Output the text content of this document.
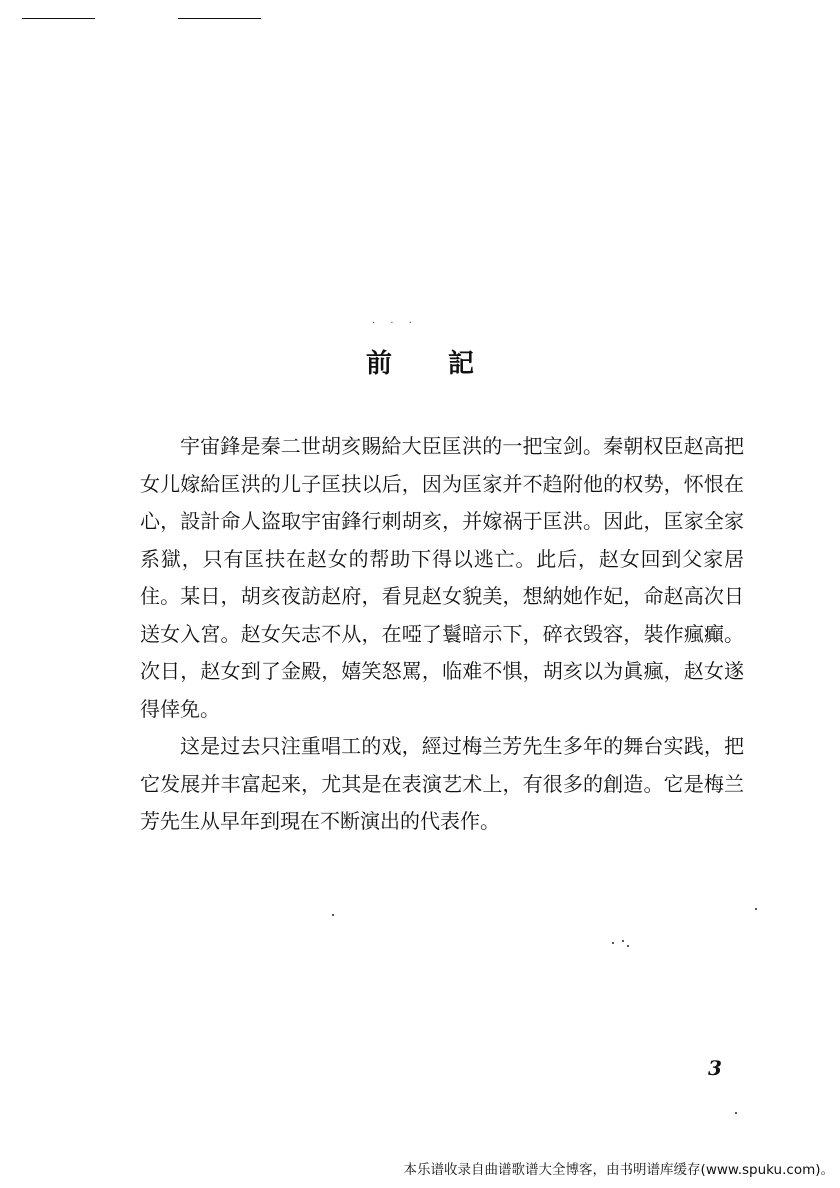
· · ·
前 記

宇宙鋒是秦二世胡亥賜給大臣匡洪的一把宝剑。秦朝权臣赵高把女儿嫁給匡洪的儿子匡扶以后，因为匡家并不趋附他的权势，怀恨在心，設計命人盗取宇宙鋒行刺胡亥，并嫁祸于匡洪。因此，匡家全家系獄，只有匡扶在赵女的帮助下得以逃亡。此后，赵女回到父家居住。某日，胡亥夜訪赵府，看見赵女貌美，想納她作妃，命赵高次日送女入宮。赵女矢志不从，在啞了鬟暗示下，碎衣毁容，裝作瘋癲。次日，赵女到了金殿，嬉笑怒罵，临难不惧，胡亥以为眞瘋，赵女遂得倖免。

这是过去只注重唱工的戏，經过梅兰芳先生多年的舞台实践，把它发展并丰富起来，尤其是在表演艺术上，有很多的創造。它是梅兰芳先生从早年到現在不断演出的代表作。

3
本乐谱收录自曲谱歌谱大全博客，由书明谱库缓存(www.spuku.com)。
